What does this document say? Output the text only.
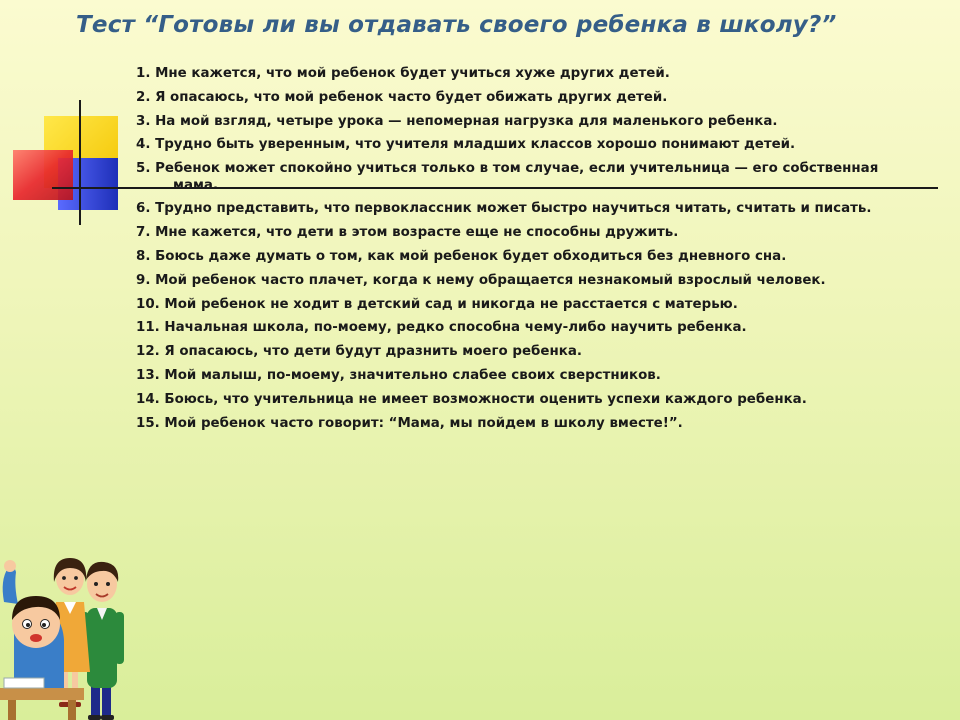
Тест “Готовы ли вы отдавать своего ребенка в школу?”
1. Мне кажется, что мой ребенок будет учиться хуже других детей.
2. Я опасаюсь, что мой ребенок часто будет обижать других детей.
3. На мой взгляд, четыре урока — непомерная нагрузка для маленького ребенка.
4. Трудно быть уверенным, что учителя младших классов хорошо понимают детей.
5. Ребенок может спокойно учиться только в том случае, если учительница — его собственная мама.
6. Трудно представить, что первоклассник может быстро научиться читать, считать и писать.
7. Мне кажется, что дети в этом возрасте еще не способны дружить.
8. Боюсь даже думать о том, как мой ребенок будет обходиться без дневного сна.
9. Мой ребенок часто плачет, когда к нему обращается незнакомый взрослый человек.
10. Мой ребенок не ходит в детский сад и никогда не расстается с матерью.
11. Начальная школа, по-моему, редко способна чему-либо научить ребенка.
12. Я опасаюсь, что дети будут дразнить моего ребенка.
13. Мой малыш, по-моему, значительно слабее своих сверстников.
14. Боюсь, что учительница не имеет возможности оценить успехи каждого ребенка.
15. Мой ребенок часто говорит: “Мама, мы пойдем в школу вместе!”.
